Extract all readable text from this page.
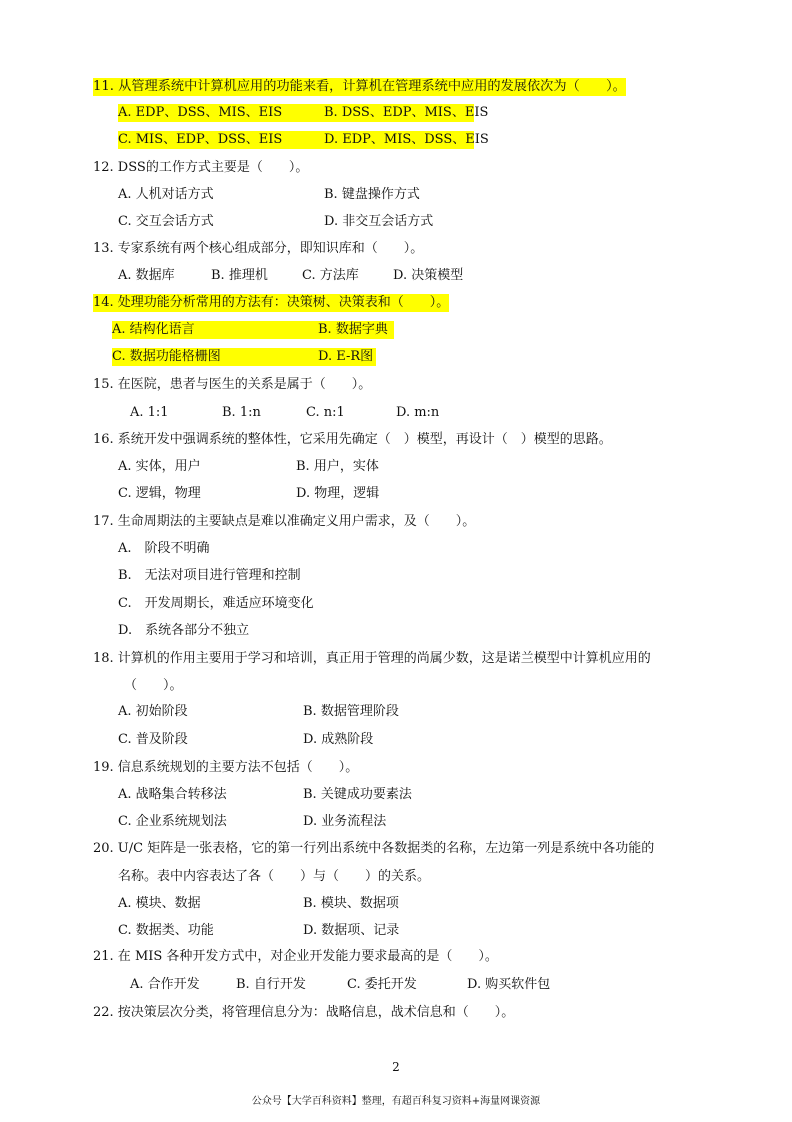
11. 从管理系统中计算机应用的功能来看，计算机在管理系统中应用的发展依次为（　　）。
A. EDP、DSS、MIS、EIS	B. DSS、EDP、MIS、EIS
C. MIS、EDP、DSS、EIS	D. EDP、MIS、DSS、EIS
12. DSS的工作方式主要是（　　）。
A. 人机对话方式	B. 键盘操作方式
C. 交互会话方式	D. 非交互会话方式
13. 专家系统有两个核心组成部分，即知识库和（　　）。
A. 数据库	B. 推理机	C. 方法库	D. 决策模型
14. 处理功能分析常用的方法有：决策树、决策表和（　　）。
A. 结构化语言	B. 数据字典
C. 数据功能格栅图	D. E-R图
15. 在医院，患者与医生的关系是属于（　　）。
A. 1:1	B. 1:n	C. n:1	D. m:n
16. 系统开发中强调系统的整体性，它采用先确定（　）模型，再设计（　）模型的思路。
A. 实体，用户	B. 用户，实体
C. 逻辑，物理	D. 物理，逻辑
17. 生命周期法的主要缺点是难以准确定义用户需求，及（　　）。
A.　阶段不明确
B.　无法对项目进行管理和控制
C.　开发周期长，难适应环境变化
D.　系统各部分不独立
18. 计算机的作用主要用于学习和培训，真正用于管理的尚属少数，这是诺兰模型中计算机应用的
（　　）。
A. 初始阶段	B. 数据管理阶段
C. 普及阶段	D. 成熟阶段
19. 信息系统规划的主要方法不包括（　　）。
A. 战略集合转移法	B. 关键成功要素法
C. 企业系统规划法	D. 业务流程法
20. U/C 矩阵是一张表格，它的第一行列出系统中各数据类的名称，左边第一列是系统中各功能的
名称。表中内容表达了各（　　）与（　　）的关系。
A. 模块、数据	B. 模块、数据项
C. 数据类、功能	D. 数据项、记录
21. 在 MIS 各种开发方式中，对企业开发能力要求最高的是（　　）。
A. 合作开发	B. 自行开发	C. 委托开发	D. 购买软件包
22. 按决策层次分类，将管理信息分为：战略信息，战术信息和（　　）。
2
公众号【大学百科资料】整理，有超百科复习资料+海量网课资源
